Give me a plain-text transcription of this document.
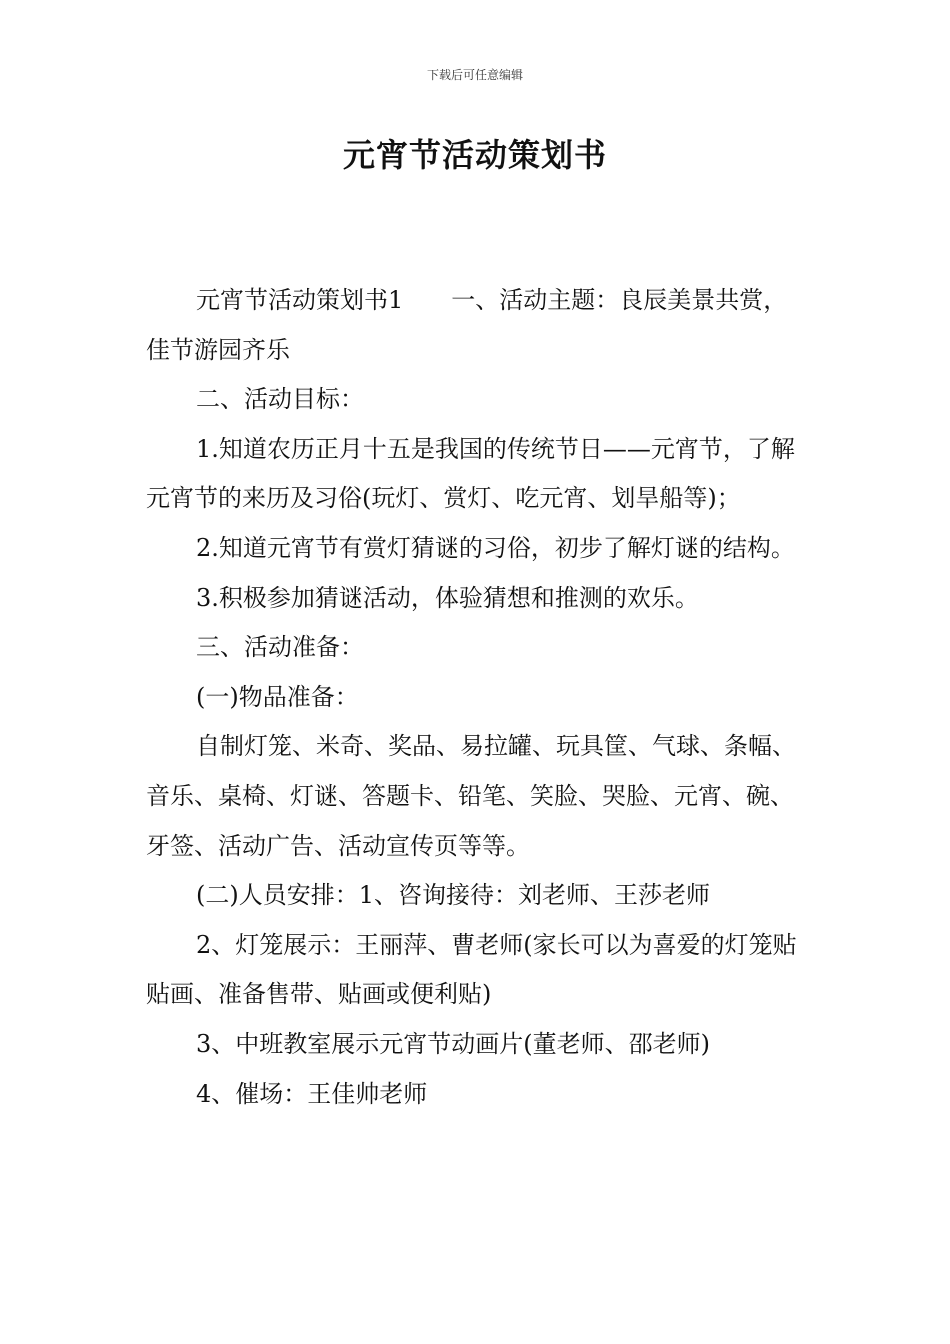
下载后可任意编辑
元宵节活动策划书

元宵节活动策划书1　　一、活动主题：良辰美景共赏，佳节游园齐乐

二、活动目标：

1.知道农历正月十五是我国的传统节日——元宵节，了解元宵节的来历及习俗(玩灯、赏灯、吃元宵、划旱船等)；

2.知道元宵节有赏灯猜谜的习俗，初步了解灯谜的结构。

3.积极参加猜谜活动，体验猜想和推测的欢乐。

三、活动准备：

(一)物品准备：

自制灯笼、米奇、奖品、易拉罐、玩具筐、气球、条幅、音乐、桌椅、灯谜、答题卡、铅笔、笑脸、哭脸、元宵、碗、牙签、活动广告、活动宣传页等等。

(二)人员安排：1、咨询接待：刘老师、王莎老师

2、灯笼展示：王丽萍、曹老师(家长可以为喜爱的灯笼贴贴画、准备售带、贴画或便利贴)

3、中班教室展示元宵节动画片(董老师、邵老师)

4、催场：王佳帅老师
